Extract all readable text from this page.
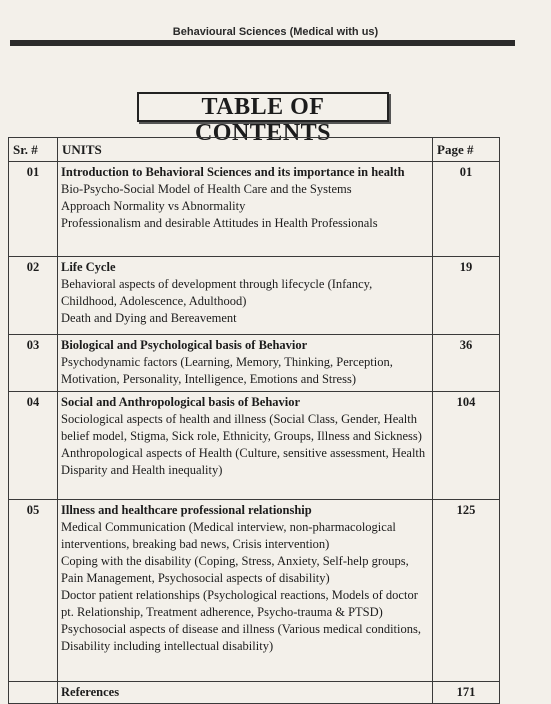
Behavioural Sciences (Medical with us)
TABLE OF CONTENTS
Sr. #	UNITS	Page #
01	Introduction to Behavioral Sciences and its importance in health
Bio-Psycho-Social Model of Health Care and the Systems
Approach Normality vs Abnormality
Professionalism and desirable Attitudes in Health Professionals	01
02	Life Cycle
Behavioral aspects of development through lifecycle (Infancy, Childhood, Adolescence, Adulthood)
Death and Dying and Bereavement	19
03	Biological and Psychological basis of Behavior
Psychodynamic factors (Learning, Memory, Thinking, Perception, Motivation, Personality, Intelligence, Emotions and Stress)	36
04	Social and Anthropological basis of Behavior
Sociological aspects of health and illness (Social Class, Gender, Health belief model, Stigma, Sick role, Ethnicity, Groups, Illness and Sickness)
Anthropological aspects of Health (Culture, sensitive assessment, Health Disparity and Health inequality)	104
05	Illness and healthcare professional relationship
Medical Communication (Medical interview, non-pharmacological interventions, breaking bad news, Crisis intervention)
Coping with the disability (Coping, Stress, Anxiety, Self-help groups, Pain Management, Psychosocial aspects of disability)
Doctor patient relationships (Psychological reactions, Models of doctor pt. Relationship, Treatment adherence, Psycho-trauma & PTSD)
Psychosocial aspects of disease and illness (Various medical conditions, Disability including intellectual disability)	125

	References	171
